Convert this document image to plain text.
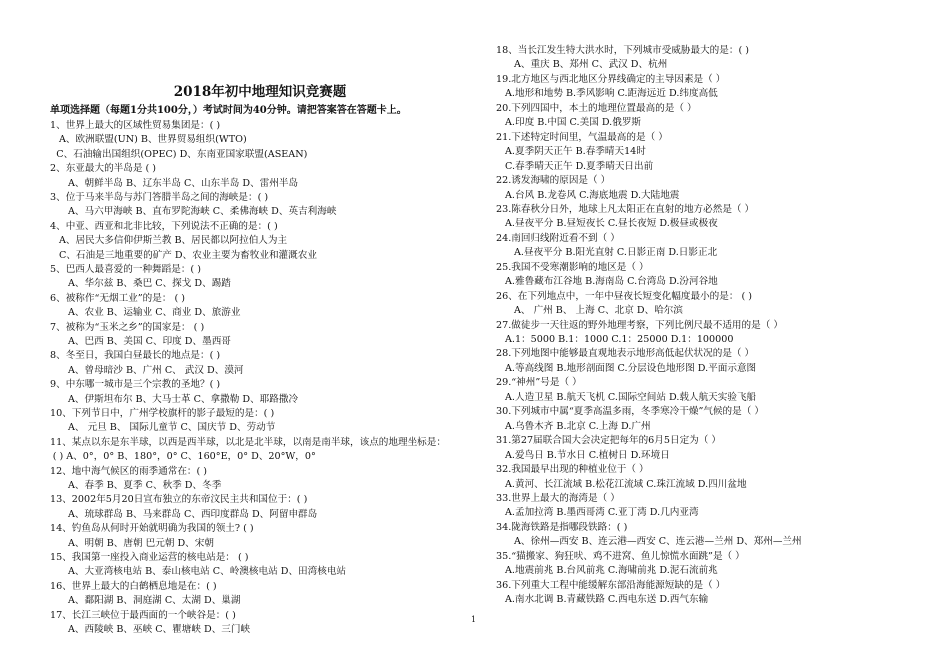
2018年初中地理知识竞赛题
单项选择题（每题1分共100分，）考试时间为40分钟。请把答案答在答题卡上。
1、世界上最大的区域性贸易集团是：( )
A、欧洲联盟(UN) B、世界贸易组织(WTO)
C、石油输出国组织(OPEC) D、东南亚国家联盟(ASEAN)
2、东亚最大的半岛是 ( )
A、朝鲜半岛 B、辽东半岛 C、山东半岛 D、雷州半岛
3、位于马来半岛与苏门答腊半岛之间的海峡是：( )
A、马六甲海峡 B、直布罗陀海峡 C、柔佛海峡 D、英吉利海峡
4、中亚、西亚和北非比较，下列说法不正确的是：( )
A、居民大多信仰伊斯兰教 B、居民都以阿拉伯人为主
C、石油是三地重要的矿产 D、农业主要为畜牧业和灌溉农业
5、巴西人最喜爱的一种舞蹈是：( )
A、华尔兹 B、桑巴 C、探戈 D、踢踏
6、被称作“无烟工业”的是： ( )
A、农业 B、运输业 C、商业 D、旅游业
7、被称为“玉米之乡”的国家是： ( )
A、巴西 B、美国 C、印度 D、墨西哥
8、冬至日，我国白昼最长的地点是：( )
A、曾母暗沙 B、广州 C、 武汉 D、漠河
9、中东哪一城市是三个宗教的圣地？( )
A、伊斯坦布尔 B、大马士革 C、拿撒勒 D、耶路撒冷
10、下列节日中，广州学校旗杆的影子最短的是：( )
A、 元旦 B、 国际儿童节 C、国庆节 D、劳动节
11、某点以东是东半球，以西是西半球，以北是北半球，以南是南半球，该点的地理坐标是：
( ) A、0°，0° B、180°，0° C、160°E，0° D、20°W，0°
12、地中海气候区的雨季通常在：( )
A、春季 B、夏季 C、秋季 D、冬季
13、2002年5月20日宣布独立的东帝汶民主共和国位于：( )
A、琉球群岛 B、马来群岛 C、西印度群岛 D、阿留申群岛
14、钓鱼岛从何时开始就明确为我国的领土? ( )
A、明朝 B、唐朝 巴元朝 D、宋朝
15、我国第一座投入商业运营的核电站是： ( )
A、大亚湾核电站 B、泰山核电站 C、岭澳核电站 D、田湾核电站
16、世界上最大的白鹤栖息地是在：( )
A、鄱阳湖 B、洞庭湖 C、太湖 D、巢湖
17、长江三峡位于最西面的一个峡谷是：( )
A、西陵峡 B、巫峡 C、瞿塘峡 D、三门峡
18、当长江发生特大洪水时，下列城市受威胁最大的是：( )
A、重庆 B、郑州 C、武汉 D、杭州
19.北方地区与西北地区分界线确定的主导因素是（ ）
A.地形和地势 B.季风影响 C.距海远近 D.纬度高低
20.下列四国中，本土的地理位置最高的是（ ）
A.印度 B.中国 C.美国 D.俄罗斯
21.下述特定时间里，气温最高的是（ ）
A.夏季阴天正午 B.春季晴天14时
C.春季晴天正午 D.夏季晴天日出前
22.诱发海啸的原因是（ ）
A.台风 B.龙卷风 C.海底地震 D.大陆地震
23.陈春秋分日外，地球上凡太阳正在直射的地方必然是（ ）
A.昼夜平分 B.昼短夜长 C.昼长夜短 D.极昼或极夜
24.南回归线附近看不到（ ）
A.昼夜平分 B.阳光直射 C.日影正南 D.日影正北
25.我国不受寒潮影响的地区是（ ）
A.雅鲁藏布江谷地 B.海南岛 C.台湾岛 D.汾河谷地
26、在下列地点中，一年中昼夜长短变化幅度最小的是： ( )
A、 广州 B、 上海 C、北京 D、哈尔滨
27.做徒步一天往返的野外地理考察，下列比例尺最不适用的是（ ）
A.1：5000 B.1：1000 C.1：25000 D.1：100000
28.下列地图中能够最直观地表示地形高低起伏状况的是（ ）
A.等高线图 B.地形剖面图 C.分层设色地形图 D.平面示意图
29.“神州”号是（ ）
A.人造卫星 B.航天飞机 C.国际空间站 D.载人航天实验飞船
30.下列城市中属“夏季高温多雨，冬季寒冷干燥”气候的是（ ）
A.乌鲁木齐 B.北京 C.上海 D.广州
31.第27届联合国大会决定把每年的6月5日定为（ ）
A.爱鸟日 B.节水日 C.植树日 D.环境日
32.我国最早出现的种植业位于（ ）
A.黄河、长江流域 B.松花江流域 C.珠江流域 D.四川盆地
33.世界上最大的海湾是（ ）
A.孟加拉湾 B.墨西哥湾 C.亚丁湾 D.几内亚湾
34.陇海铁路是指哪段铁路：( )
A、徐州—西安 B、连云港—西安 C、连云港—兰州 D、郑州—兰州
35.“猫搬家、狗狂吠、鸡不进窝、鱼儿惊慌水面跳”是（ ）
A.地震前兆 B.台风前兆 C.海啸前兆 D.泥石流前兆
36.下列重大工程中能缓解东部沿海能源短缺的是（ ）
A.南水北调 B.青藏铁路 C.西电东送 D.西气东输
1
